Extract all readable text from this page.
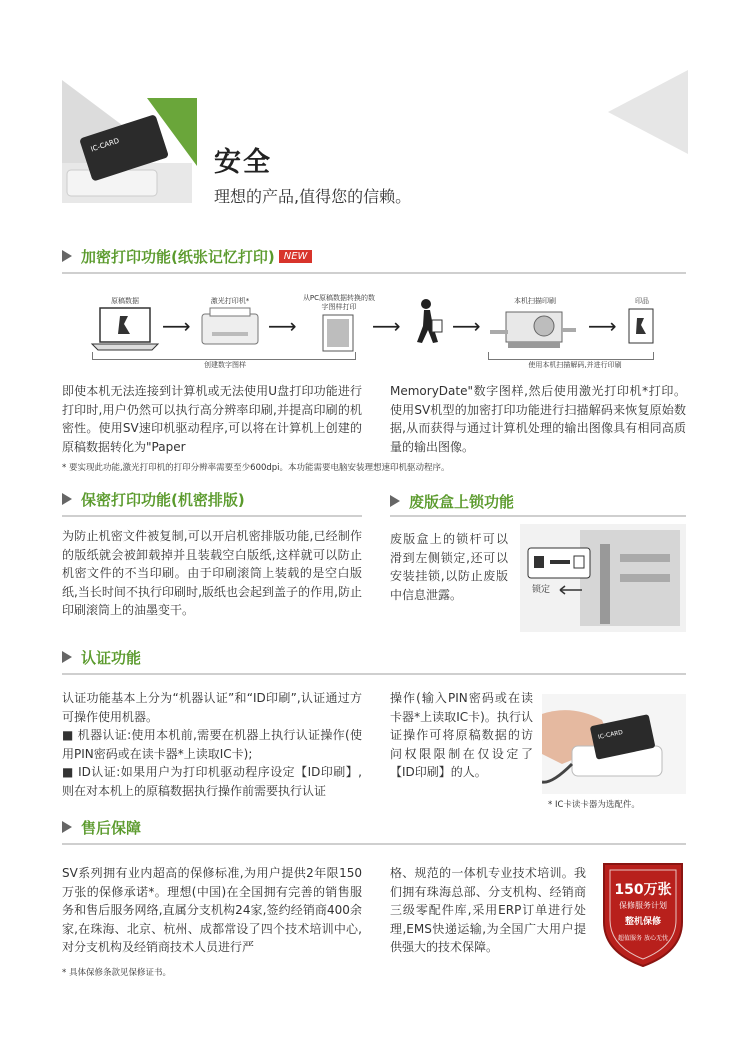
IC-CARD
安全
理想的产品,值得您的信赖。
加密打印功能(纸张记忆打印) NEW
原稿数据
⟶
激光打印机*
⟶
从PC原稿数据转换的数字图样打印
⟶	⟶
本机扫描印刷
⟶
印品
创建数字图样	使用本机扫描解码,并进行印刷
即使本机无法连接到计算机或无法使用U盘打印功能进行打印时,用户仍然可以执行高分辨率印刷,并提高印刷的机密性。使用SV速印机驱动程序,可以将在计算机上创建的原稿数据转化为"Paper
MemoryDate"数字图样,然后使用激光打印机*打印。使用SV机型的加密打印功能进行扫描解码来恢复原始数据,从而获得与通过计算机处理的输出图像具有相同高质量的输出图像。
* 要实现此功能,激光打印机的打印分辨率需要至少600dpi。本功能需要电脑安装理想速印机驱动程序。
保密打印功能(机密排版)
为防止机密文件被复制,可以开启机密排版功能,已经制作的版纸就会被卸载掉并且装载空白版纸,这样就可以防止机密文件的不当印刷。由于印刷滚筒上装载的是空白版纸,当长时间不执行印刷时,版纸也会起到盖子的作用,防止印刷滚筒上的油墨变干。
废版盒上锁功能
废版盒上的锁杆可以滑到左侧锁定,还可以安装挂锁,以防止废版中信息泄露。	锁定
认证功能
认证功能基本上分为“机器认证”和“ID印刷”,认证通过方可操作使用机器。
■ 机器认证:使用本机前,需要在机器上执行认证操作(使用PIN密码或在读卡器*上读取IC卡);
■ ID认证:如果用户为打印机驱动程序设定【ID印刷】,则在对本机上的原稿数据执行操作前需要执行认证
操作(输入PIN密码或在读卡器*上读取IC卡)。执行认证操作可将原稿数据的访问权限限制在仅设定了【ID印刷】的人。
IC-CARD
* IC卡读卡器为选配件。
售后保障
SV系列拥有业内超高的保修标准,为用户提供2年限150万张的保修承诺*。理想(中国)在全国拥有完善的销售服务和售后服务网络,直属分支机构24家,签约经销商400余家,在珠海、北京、杭州、成都常设了四个技术培训中心,对分支机构及经销商技术人员进行严
格、规范的一体机专业技术培训。我们拥有珠海总部、分支机构、经销商三级零配件库,采用ERP订单进行处理,EMS快递运输,为全国广大用户提供强大的技术保障。
* 具体保修条款见保修证书。
150万张
保修服务计划
整机保修
超值服务 放心无忧
